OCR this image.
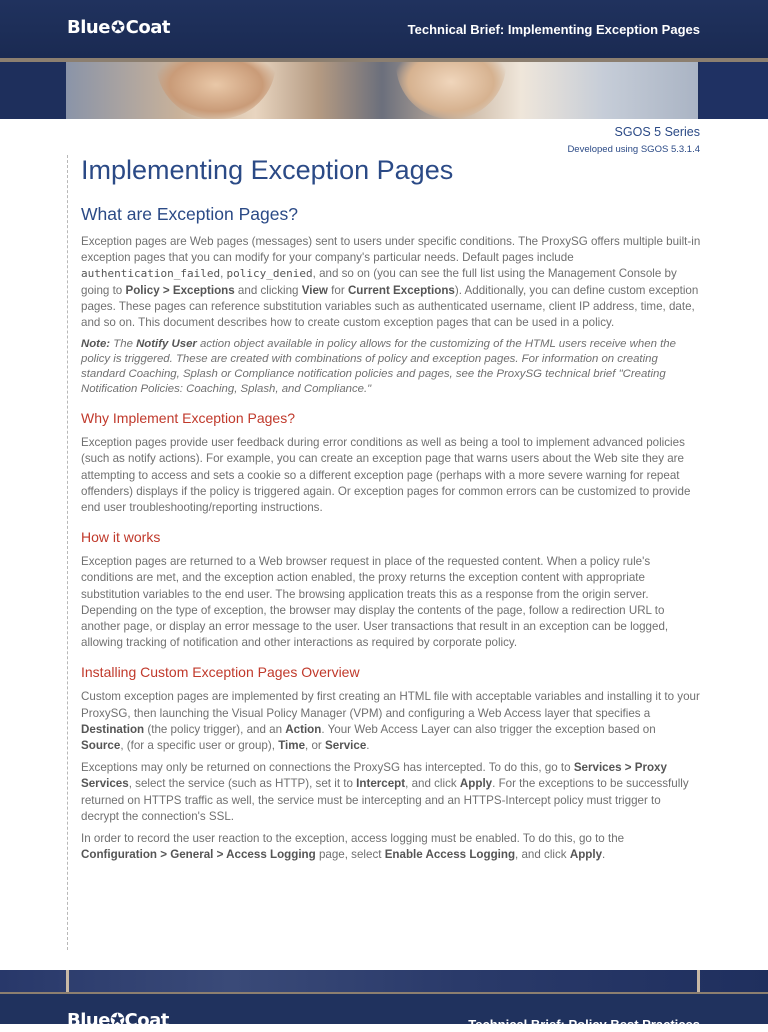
Blue✪Coat	Technical Brief: Implementing Exception Pages
SGOS 5 Series
Developed using SGOS 5.3.1.4
Implementing Exception Pages
What are Exception Pages?

Exception pages are Web pages (messages) sent to users under specific conditions. The ProxySG offers multiple built-in exception pages that you can modify for your company's particular needs. Default pages include authentication_failed, policy_denied, and so on (you can see the full list using the Management Console by going to Policy > Exceptions and clicking View for Current Exceptions). Additionally, you can define custom exception pages. These pages can reference substitution variables such as authenticated username, client IP address, time, date, and so on. This document describes how to create custom exception pages that can be used in a policy.

Note: The Notify User action object available in policy allows for the customizing of the HTML users receive when the policy is triggered. These are created with combinations of policy and exception pages. For information on creating standard Coaching, Splash or Compliance notification policies and pages, see the ProxySG technical brief "Creating Notification Policies: Coaching, Splash, and Compliance."

Why Implement Exception Pages?

Exception pages provide user feedback during error conditions as well as being a tool to implement advanced policies (such as notify actions). For example, you can create an exception page that warns users about the Web site they are attempting to access and sets a cookie so a different exception page (perhaps with a more severe warning for repeat offenders) displays if the policy is triggered again. Or exception pages for common errors can be customized to provide end user troubleshooting/reporting instructions.

How it works

Exception pages are returned to a Web browser request in place of the requested content. When a policy rule's conditions are met, and the exception action enabled, the proxy returns the exception content with appropriate substitution variables to the end user. The browsing application treats this as a response from the origin server. Depending on the type of exception, the browser may display the contents of the page, follow a redirection URL to another page, or display an error message to the user. User transactions that result in an exception can be logged, allowing tracking of notification and other interactions as required by corporate policy.

Installing Custom Exception Pages Overview

Custom exception pages are implemented by first creating an HTML file with acceptable variables and installing it to your ProxySG, then launching the Visual Policy Manager (VPM) and configuring a Web Access layer that specifies a Destination (the policy trigger), and an Action. Your Web Access Layer can also trigger the exception based on Source, (for a specific user or group), Time, or Service.

Exceptions may only be returned on connections the ProxySG has intercepted. To do this, go to Services > Proxy Services, select the service (such as HTTP), set it to Intercept, and click Apply. For the exceptions to be successfully returned on HTTPS traffic as well, the service must be intercepting and an HTTPS-Intercept policy must trigger to decrypt the connection's SSL.

In order to record the user reaction to the exception, access logging must be enabled. To do this, go to the Configuration > General > Access Logging page, select Enable Access Logging, and click Apply.

Blue✪Coat	Technical Brief: Policy Best Practices
